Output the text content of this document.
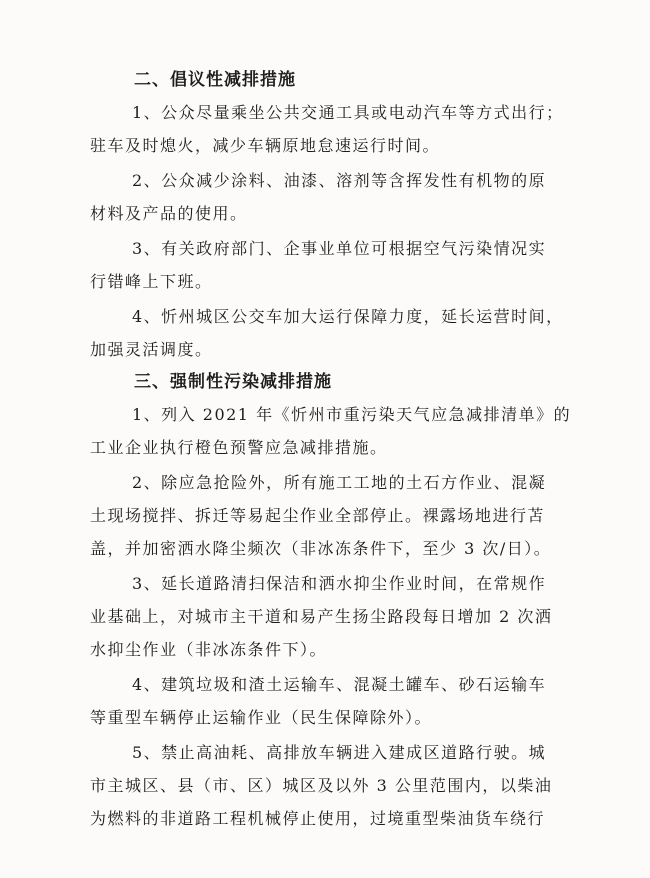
二、倡议性减排措施

1、公众尽量乘坐公共交通工具或电动汽车等方式出行；
驻车及时熄火，减少车辆原地怠速运行时间。

2、公众减少涂料、油漆、溶剂等含挥发性有机物的原
材料及产品的使用。

3、有关政府部门、企事业单位可根据空气污染情况实
行错峰上下班。

4、忻州城区公交车加大运行保障力度，延长运营时间，
加强灵活调度。

三、强制性污染减排措施

1、列入 2021 年《忻州市重污染天气应急减排清单》的
工业企业执行橙色预警应急减排措施。

2、除应急抢险外，所有施工工地的土石方作业、混凝
土现场搅拌、拆迁等易起尘作业全部停止。裸露场地进行苫
盖，并加密洒水降尘频次（非冰冻条件下，至少 3 次/日）。

3、延长道路清扫保洁和洒水抑尘作业时间，在常规作
业基础上，对城市主干道和易产生扬尘路段每日增加 2 次洒
水抑尘作业（非冰冻条件下）。

4、建筑垃圾和渣土运输车、混凝土罐车、砂石运输车
等重型车辆停止运输作业（民生保障除外）。

5、禁止高油耗、高排放车辆进入建成区道路行驶。城
市主城区、县（市、区）城区及以外 3 公里范围内，以柴油
为燃料的非道路工程机械停止使用，过境重型柴油货车绕行
